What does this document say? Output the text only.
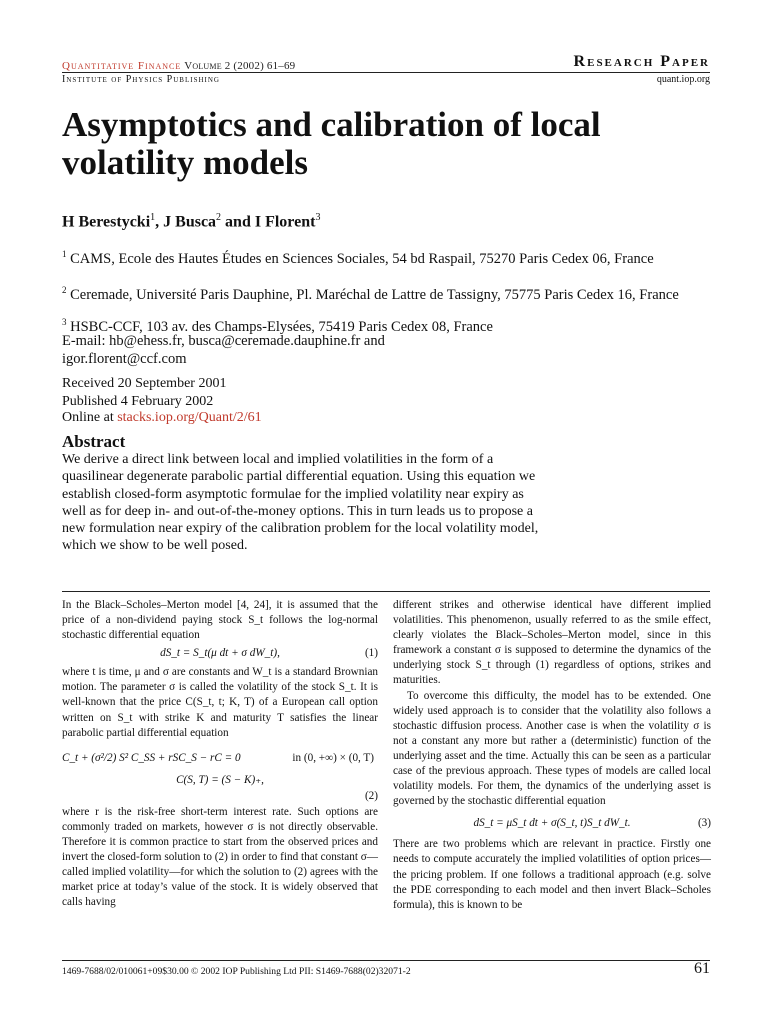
Quantitative Finance Volume 2 (2002) 61–69	Research Paper
Institute of Physics Publishing	quant.iop.org
Asymptotics and calibration of local volatility models
H Berestycki$^1$, J Busca$^2$ and I Florent$^3$
$^1$ CAMS, Ecole des Hautes Études en Sciences Sociales, 54 bd Raspail, 75270 Paris Cedex 06, France
$^2$ Ceremade, Université Paris Dauphine, Pl. Maréchal de Lattre de Tassigny, 75775 Paris Cedex 16, France
$^3$ HSBC-CCF, 103 av. des Champs-Elysées, 75419 Paris Cedex 08, France
E-mail: hb@ehess.fr, busca@ceremade.dauphine.fr and igor.florent@ccf.com
Received 20 September 2001
Published 4 February 2002
Online at stacks.iop.org/Quant/2/61
Abstract
We derive a direct link between local and implied volatilities in the form of a quasilinear degenerate parabolic partial differential equation. Using this equation we establish closed-form asymptotic formulae for the implied volatility near expiry as well as for deep in- and out-of-the-money options. This in turn leads us to propose a new formulation near expiry of the calibration problem for the local volatility model, which we show to be well posed.

In the Black–Scholes–Merton model [4, 24], it is assumed that the price of a non-dividend paying stock S_t follows the log-normal stochastic differential equation

dS_t = S_t(μ dt + σ dW_t),	(1)

where t is time, μ and σ are constants and W_t is a standard Brownian motion. The parameter σ is called the volatility of the stock S_t. It is well-known that the price C(S_t, t; K, T) of a European call option written on S_t with strike K and maturity T satisfies the linear parabolic partial differential equation

C_t + (σ²/2) S² C_SS + rSC_S − rC = 0	in (0, +∞) × (0, T)
C(S, T) = (S − K)₊,
(2)

where r is the risk-free short-term interest rate. Such options are commonly traded on markets, however σ is not directly observable. Therefore it is common practice to start from the observed prices and invert the closed-form solution to (2) in order to find that constant σ—called implied volatility—for which the solution to (2) agrees with the market price at today’s value of the stock. It is widely observed that calls having

different strikes and otherwise identical have different implied volatilities. This phenomenon, usually referred to as the smile effect, clearly violates the Black–Scholes–Merton model, since in this framework a constant σ is supposed to determine the dynamics of the underlying stock S_t through (1) regardless of options, strikes and maturities.

To overcome this difficulty, the model has to be extended. One widely used approach is to consider that the volatility also follows a stochastic diffusion process. Another case is when the volatility σ is not a constant any more but rather a (deterministic) function of the underlying asset and the time. Actually this can be seen as a particular case of the previous approach. These types of models are called local volatility models. For them, the dynamics of the underlying asset is governed by the stochastic differential equation

dS_t = μS_t dt + σ(S_t, t)S_t dW_t.	(3)

There are two problems which are relevant in practice. Firstly one needs to compute accurately the implied volatilities of option prices—the pricing problem. If one follows a traditional approach (e.g. solve the PDE corresponding to each model and then invert Black–Scholes formula), this is known to be

1469-7688/02/010061+09$30.00 © 2002 IOP Publishing Ltd PII: S1469-7688(02)32071-2	61
